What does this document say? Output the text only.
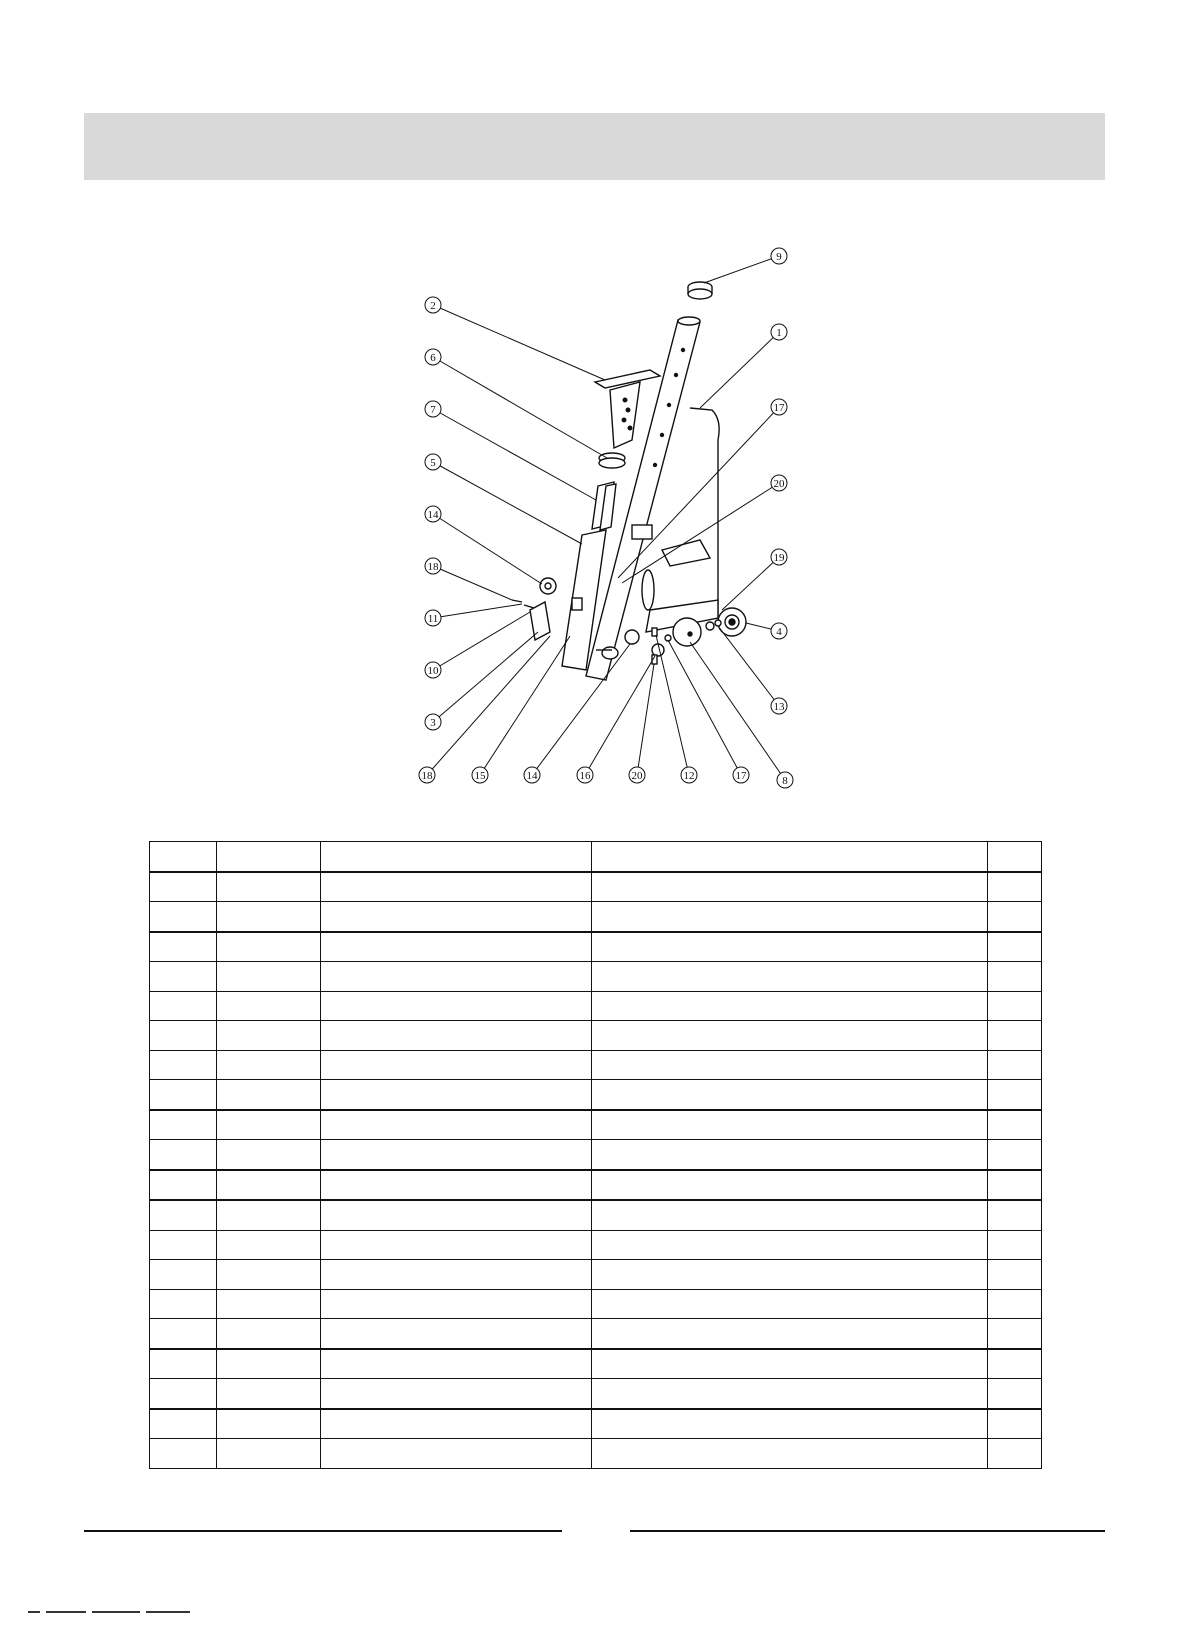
9
1
2
6
17
7
20
5
14
19
18
11
4
10
13
3
18	15	14	16	20	12	17	8
